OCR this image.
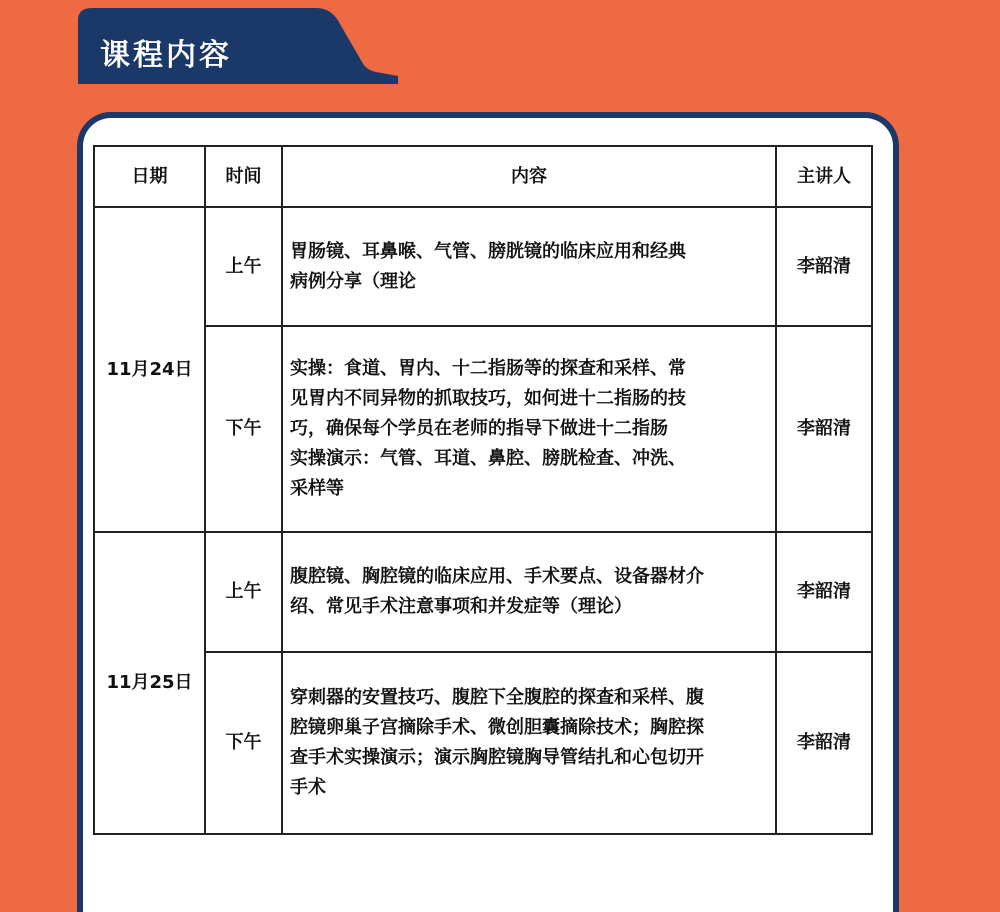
课程内容
日期	时间	内容	主讲人
11月24日	上午	胃肠镜、耳鼻喉、气管、膀胱镜的临床应用和经典
病例分享（理论	李韶清
	下午	实操：食道、胃内、十二指肠等的探查和采样、常
见胃内不同异物的抓取技巧，如何进十二指肠的技
巧，确保每个学员在老师的指导下做进十二指肠
实操演示：气管、耳道、鼻腔、膀胱检查、冲洗、
采样等	李韶清
11月25日	上午	腹腔镜、胸腔镜的临床应用、手术要点、设备器材介
绍、常见手术注意事项和并发症等（理论）	李韶清
	下午	穿刺器的安置技巧、腹腔下全腹腔的探查和采样、腹
腔镜卵巢子宫摘除手术、微创胆囊摘除技术；胸腔探
查手术实操演示；演示胸腔镜胸导管结扎和心包切开
手术	李韶清
